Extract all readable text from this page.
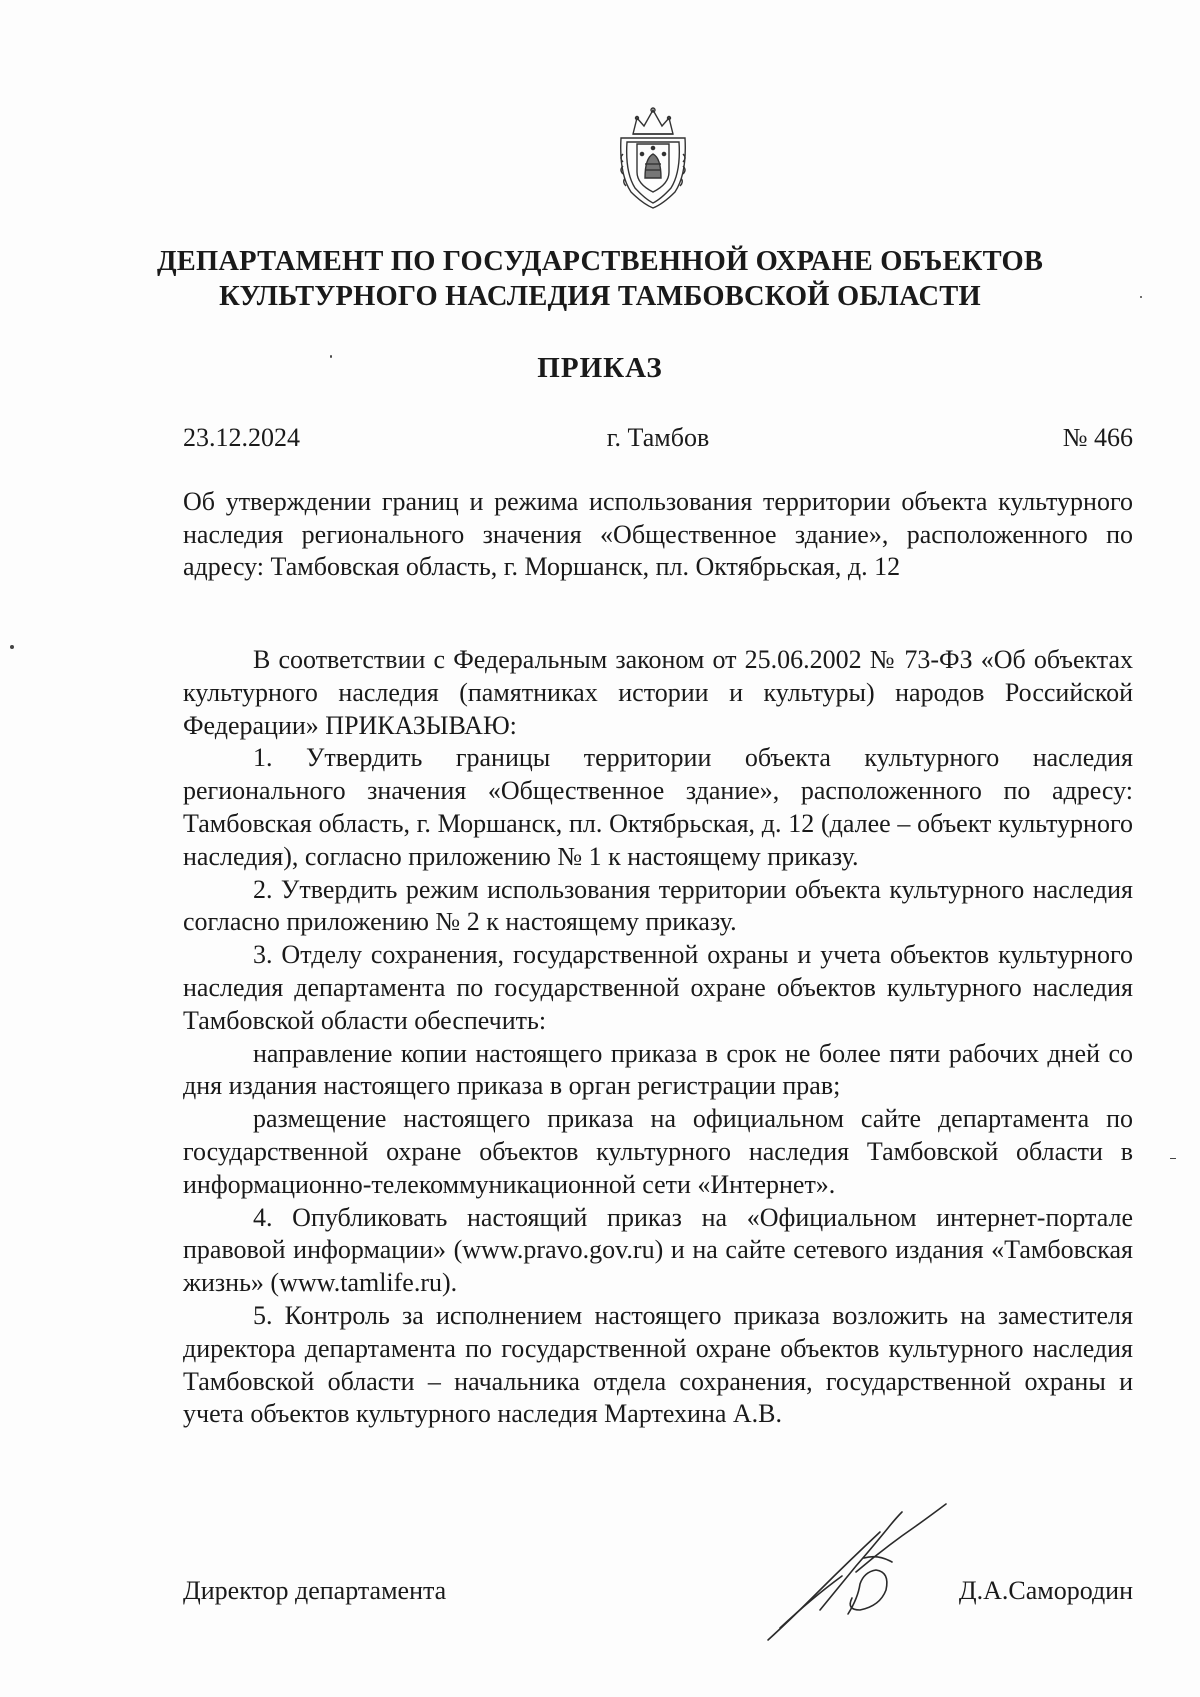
ДЕПАРТАМЕНТ ПО ГОСУДАРСТВЕННОЙ ОХРАНЕ ОБЪЕКТОВ
КУЛЬТУРНОГО НАСЛЕДИЯ ТАМБОВСКОЙ ОБЛАСТИ
ПРИКАЗ
23.12.2024	г. Тамбов	№ 466
Об утверждении границ и режима использования территории объекта культурного наследия регионального значения «Общественное здание», расположенного по адресу: Тамбовская область, г. Моршанск, пл. Октябрьская, д. 12

В соответствии с Федеральным законом от 25.06.2002 № 73-ФЗ «Об объектах культурного наследия (памятниках истории и культуры) народов Российской Федерации» ПРИКАЗЫВАЮ:

1. Утвердить границы территории объекта культурного наследия регионального значения «Общественное здание», расположенного по адресу: Тамбовская область, г. Моршанск, пл. Октябрьская, д. 12 (далее – объект культурного наследия), согласно приложению № 1 к настоящему приказу.

2. Утвердить режим использования территории объекта культурного наследия согласно приложению № 2 к настоящему приказу.

3. Отделу сохранения, государственной охраны и учета объектов культурного наследия департамента по государственной охране объектов культурного наследия Тамбовской области обеспечить:

направление копии настоящего приказа в срок не более пяти рабочих дней со дня издания настоящего приказа в орган регистрации прав;

размещение настоящего приказа на официальном сайте департамента по государственной охране объектов культурного наследия Тамбовской области в информационно-телекоммуникационной сети «Интернет».

4. Опубликовать настоящий приказ на «Официальном интернет-портале правовой информации» (www.pravo.gov.ru) и на сайте сетевого издания «Тамбовская жизнь» (www.tamlife.ru).

5. Контроль за исполнением настоящего приказа возложить на заместителя директора департамента по государственной охране объектов культурного наследия Тамбовской области – начальника отдела сохранения, государственной охраны и учета объектов культурного наследия Мартехина А.В.

Директор департамента	Д.А.Самородин
